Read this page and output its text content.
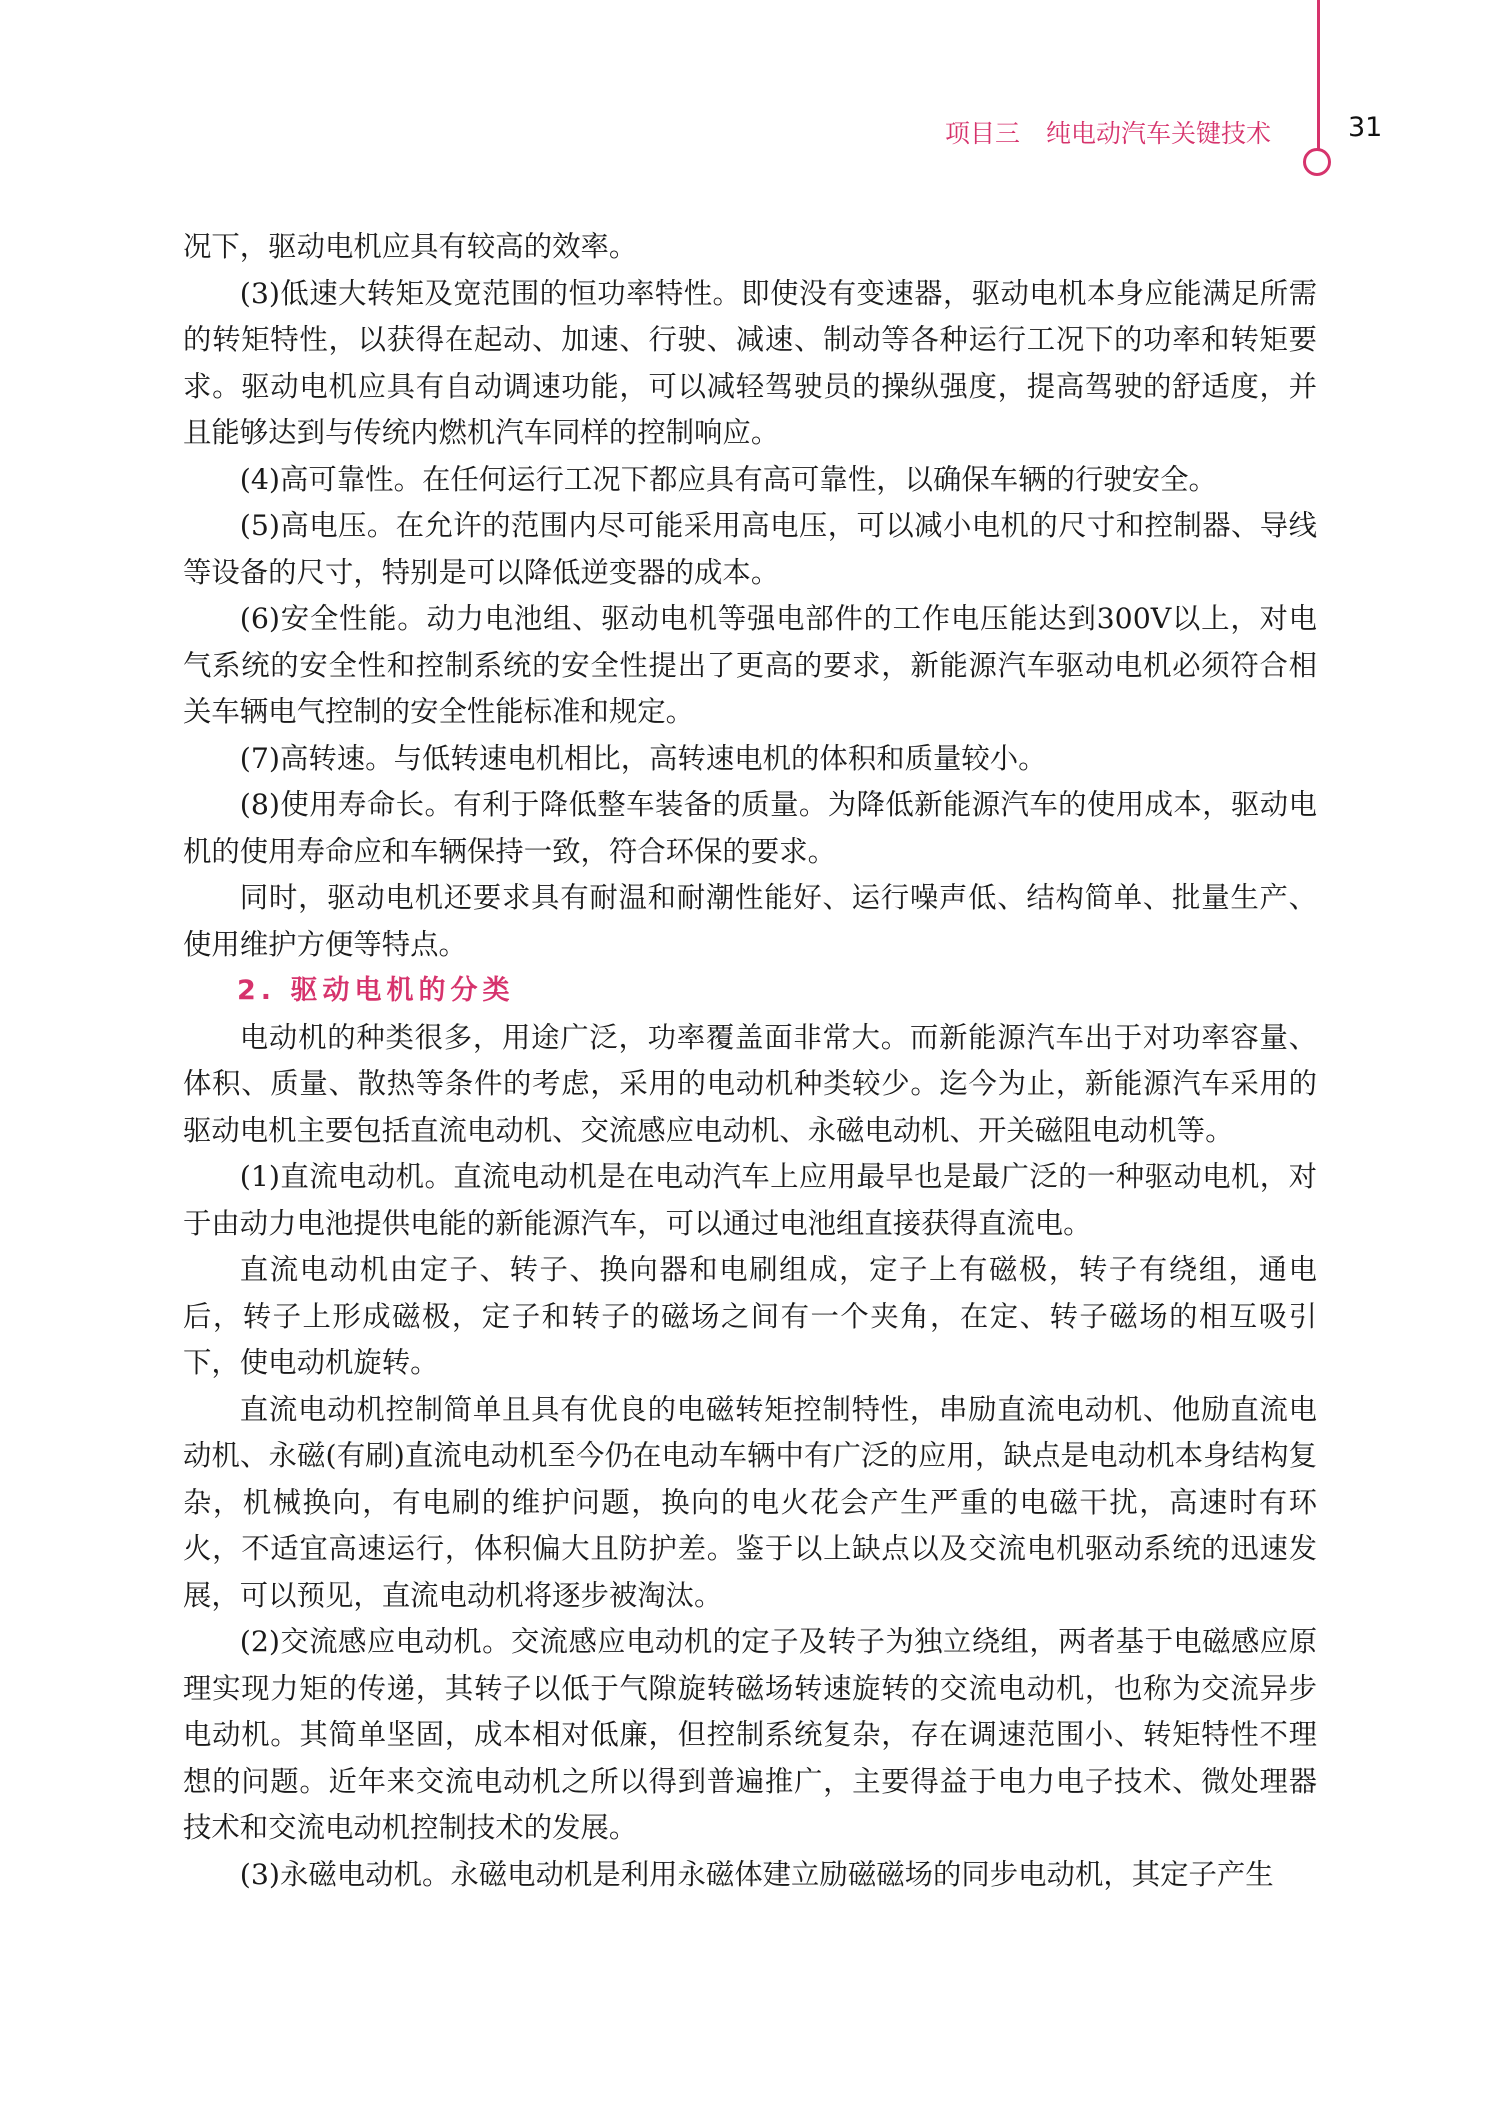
项目三 纯电动汽车关键技术	31

况下，驱动电机应具有较高的效率。

(3)低速大转矩及宽范围的恒功率特性。即使没有变速器，驱动电机本身应能满足所需的转矩特性，以获得在起动、加速、行驶、减速、制动等各种运行工况下的功率和转矩要求。驱动电机应具有自动调速功能，可以减轻驾驶员的操纵强度，提高驾驶的舒适度，并且能够达到与传统内燃机汽车同样的控制响应。

(4)高可靠性。在任何运行工况下都应具有高可靠性，以确保车辆的行驶安全。

(5)高电压。在允许的范围内尽可能采用高电压，可以减小电机的尺寸和控制器、导线等设备的尺寸，特别是可以降低逆变器的成本。

(6)安全性能。动力电池组、驱动电机等强电部件的工作电压能达到300V以上，对电气系统的安全性和控制系统的安全性提出了更高的要求，新能源汽车驱动电机必须符合相关车辆电气控制的安全性能标准和规定。

(7)高转速。与低转速电机相比，高转速电机的体积和质量较小。

(8)使用寿命长。有利于降低整车装备的质量。为降低新能源汽车的使用成本，驱动电机的使用寿命应和车辆保持一致，符合环保的要求。

同时，驱动电机还要求具有耐温和耐潮性能好、运行噪声低、结构简单、批量生产、使用维护方便等特点。

2. 驱动电机的分类

电动机的种类很多，用途广泛，功率覆盖面非常大。而新能源汽车出于对功率容量、体积、质量、散热等条件的考虑，采用的电动机种类较少。迄今为止，新能源汽车采用的驱动电机主要包括直流电动机、交流感应电动机、永磁电动机、开关磁阻电动机等。

(1)直流电动机。直流电动机是在电动汽车上应用最早也是最广泛的一种驱动电机，对于由动力电池提供电能的新能源汽车，可以通过电池组直接获得直流电。

直流电动机由定子、转子、换向器和电刷组成，定子上有磁极，转子有绕组，通电后，转子上形成磁极，定子和转子的磁场之间有一个夹角，在定、转子磁场的相互吸引下，使电动机旋转。

直流电动机控制简单且具有优良的电磁转矩控制特性，串励直流电动机、他励直流电动机、永磁(有刷)直流电动机至今仍在电动车辆中有广泛的应用，缺点是电动机本身结构复杂，机械换向，有电刷的维护问题，换向的电火花会产生严重的电磁干扰，高速时有环火，不适宜高速运行，体积偏大且防护差。鉴于以上缺点以及交流电机驱动系统的迅速发展，可以预见，直流电动机将逐步被淘汰。

(2)交流感应电动机。交流感应电动机的定子及转子为独立绕组，两者基于电磁感应原理实现力矩的传递，其转子以低于气隙旋转磁场转速旋转的交流电动机，也称为交流异步电动机。其简单坚固，成本相对低廉，但控制系统复杂，存在调速范围小、转矩特性不理想的问题。近年来交流电动机之所以得到普遍推广，主要得益于电力电子技术、微处理器技术和交流电动机控制技术的发展。

(3)永磁电动机。永磁电动机是利用永磁体建立励磁磁场的同步电动机，其定子产生
